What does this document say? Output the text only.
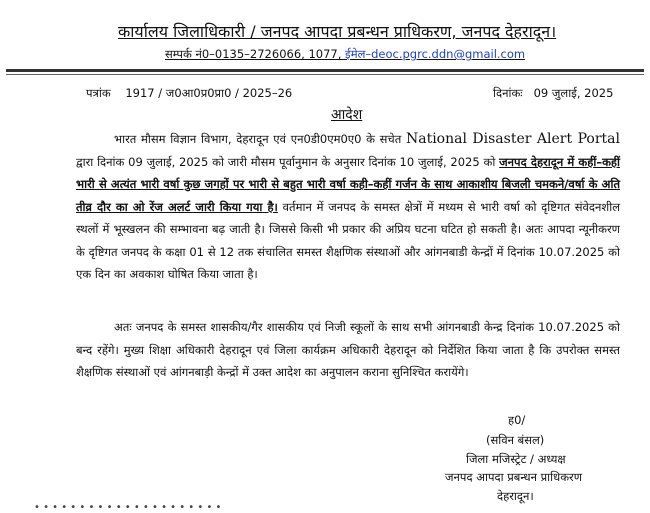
कार्यालय जिलाधिकारी / जनपद आपदा प्रबन्धन प्राधिकरण, जनपद देहरादून।
सम्पर्क नं0–0135–2726066, 1077, ईमेल–deoc.pgrc.ddn@gmail.com
पत्रांक 1917 / ज0आ0प्र0प्रा0 / 2025–26	दिनांकः 09 जुलाई, 2025
आदेश
भारत मौसम विज्ञान विभाग, देहरादून एवं एन0डी0एम0ए0 के सचेत National Disaster Alert Portal द्वारा दिनांक 09 जुलाई, 2025 को जारी मौसम पूर्वानुमान के अनुसार दिनांक 10 जुलाई, 2025 को जनपद देहरादून में कहीं–कहीं भारी से अत्यंत भारी वर्षा कुछ जगहों पर भारी से बहुत भारी वर्षा कही–कहीं गर्जन के साथ आकाशीय बिजली चमकने/वर्षा के अति तीव्र दौर का ओ रेंज अलर्ट जारी किया गया है। वर्तमान में जनपद के समस्त क्षेत्रों में मध्यम से भारी वर्षा को दृष्टिगत संवेदनशील स्थलों में भूस्खलन की सम्भावना बढ़ जाती है। जिससे किसी भी प्रकार की अप्रिय घटना घटित हो सकती है। अतः आपदा न्यूनीकरण के दृष्टिगत जनपद के कक्षा 01 से 12 तक संचालित समस्त शैक्षणिक संस्थाओं और आंगनबाडी केन्द्रों में दिनांक 10.07.2025 को एक दिन का अवकाश घोषित किया जाता है।
अतः जनपद के समस्त शासकीय/गैर शासकीय एवं निजी स्कूलों के साथ सभी आंगनबाडी केन्द्र दिनांक 10.07.2025 को बन्द रहेंगे। मुख्य शिक्षा अधिकारी देहरादून एवं जिला कार्यक्रम अधिकारी देहरादून को निर्देशित किया जाता है कि उपरोक्त समस्त शैक्षणिक संस्थाओं एवं आंगनबाड़ी केन्द्रों में उक्त आदेश का अनुपालन कराना सुनिश्चित करायेंगे।
ह0/
(सविन बंसल)
जिला मजिस्ट्रेट / अध्यक्ष
जनपद आपदा प्रबन्धन प्राधिकरण
देहरादून।
• • • • • • • • • • • • • • • • • • • • •
